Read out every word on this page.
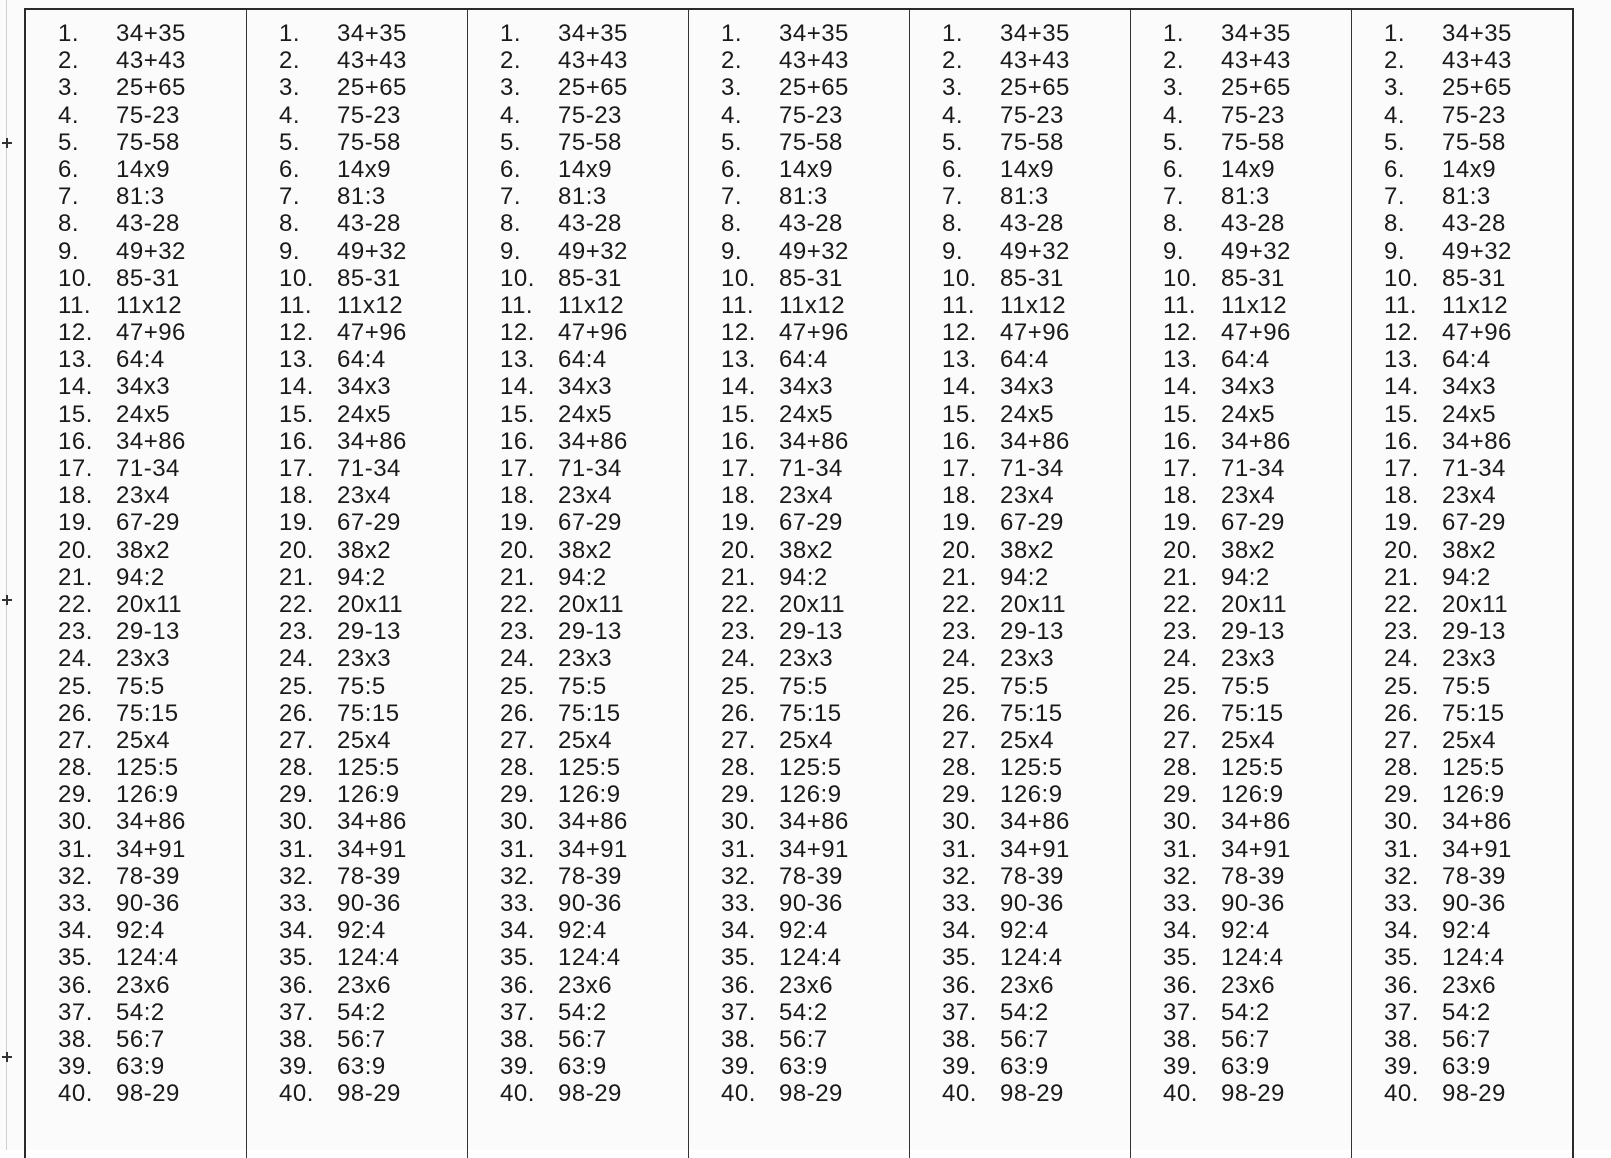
1. 34+35
2. 43+43
3. 25+65
4. 75-23
5. 75-58
6. 14x9
7. 81:3
8. 43-28
9. 49+32
10. 85-31
11. 11x12
12. 47+96
13. 64:4
14. 34x3
15. 24x5
16. 34+86
17. 71-34
18. 23x4
19. 67-29
20. 38x2
21. 94:2
22. 20x11
23. 29-13
24. 23x3
25. 75:5
26. 75:15
27. 25x4
28. 125:5
29. 126:9
30. 34+86
31. 34+91
32. 78-39
33. 90-36
34. 92:4
35. 124:4
36. 23x6
37. 54:2
38. 56:7
39. 63:9
40. 98-29
1. 34+35
2. 43+43
3. 25+65
4. 75-23
5. 75-58
6. 14x9
7. 81:3
8. 43-28
9. 49+32
10. 85-31
11. 11x12
12. 47+96
13. 64:4
14. 34x3
15. 24x5
16. 34+86
17. 71-34
18. 23x4
19. 67-29
20. 38x2
21. 94:2
22. 20x11
23. 29-13
24. 23x3
25. 75:5
26. 75:15
27. 25x4
28. 125:5
29. 126:9
30. 34+86
31. 34+91
32. 78-39
33. 90-36
34. 92:4
35. 124:4
36. 23x6
37. 54:2
38. 56:7
39. 63:9
40. 98-29
1. 34+35
2. 43+43
3. 25+65
4. 75-23
5. 75-58
6. 14x9
7. 81:3
8. 43-28
9. 49+32
10. 85-31
11. 11x12
12. 47+96
13. 64:4
14. 34x3
15. 24x5
16. 34+86
17. 71-34
18. 23x4
19. 67-29
20. 38x2
21. 94:2
22. 20x11
23. 29-13
24. 23x3
25. 75:5
26. 75:15
27. 25x4
28. 125:5
29. 126:9
30. 34+86
31. 34+91
32. 78-39
33. 90-36
34. 92:4
35. 124:4
36. 23x6
37. 54:2
38. 56:7
39. 63:9
40. 98-29
1. 34+35
2. 43+43
3. 25+65
4. 75-23
5. 75-58
6. 14x9
7. 81:3
8. 43-28
9. 49+32
10. 85-31
11. 11x12
12. 47+96
13. 64:4
14. 34x3
15. 24x5
16. 34+86
17. 71-34
18. 23x4
19. 67-29
20. 38x2
21. 94:2
22. 20x11
23. 29-13
24. 23x3
25. 75:5
26. 75:15
27. 25x4
28. 125:5
29. 126:9
30. 34+86
31. 34+91
32. 78-39
33. 90-36
34. 92:4
35. 124:4
36. 23x6
37. 54:2
38. 56:7
39. 63:9
40. 98-29
1. 34+35
2. 43+43
3. 25+65
4. 75-23
5. 75-58
6. 14x9
7. 81:3
8. 43-28
9. 49+32
10. 85-31
11. 11x12
12. 47+96
13. 64:4
14. 34x3
15. 24x5
16. 34+86
17. 71-34
18. 23x4
19. 67-29
20. 38x2
21. 94:2
22. 20x11
23. 29-13
24. 23x3
25. 75:5
26. 75:15
27. 25x4
28. 125:5
29. 126:9
30. 34+86
31. 34+91
32. 78-39
33. 90-36
34. 92:4
35. 124:4
36. 23x6
37. 54:2
38. 56:7
39. 63:9
40. 98-29
1. 34+35
2. 43+43
3. 25+65
4. 75-23
5. 75-58
6. 14x9
7. 81:3
8. 43-28
9. 49+32
10. 85-31
11. 11x12
12. 47+96
13. 64:4
14. 34x3
15. 24x5
16. 34+86
17. 71-34
18. 23x4
19. 67-29
20. 38x2
21. 94:2
22. 20x11
23. 29-13
24. 23x3
25. 75:5
26. 75:15
27. 25x4
28. 125:5
29. 126:9
30. 34+86
31. 34+91
32. 78-39
33. 90-36
34. 92:4
35. 124:4
36. 23x6
37. 54:2
38. 56:7
39. 63:9
40. 98-29
1. 34+35
2. 43+43
3. 25+65
4. 75-23
5. 75-58
6. 14x9
7. 81:3
8. 43-28
9. 49+32
10. 85-31
11. 11x12
12. 47+96
13. 64:4
14. 34x3
15. 24x5
16. 34+86
17. 71-34
18. 23x4
19. 67-29
20. 38x2
21. 94:2
22. 20x11
23. 29-13
24. 23x3
25. 75:5
26. 75:15
27. 25x4
28. 125:5
29. 126:9
30. 34+86
31. 34+91
32. 78-39
33. 90-36
34. 92:4
35. 124:4
36. 23x6
37. 54:2
38. 56:7
39. 63:9
40. 98-29
